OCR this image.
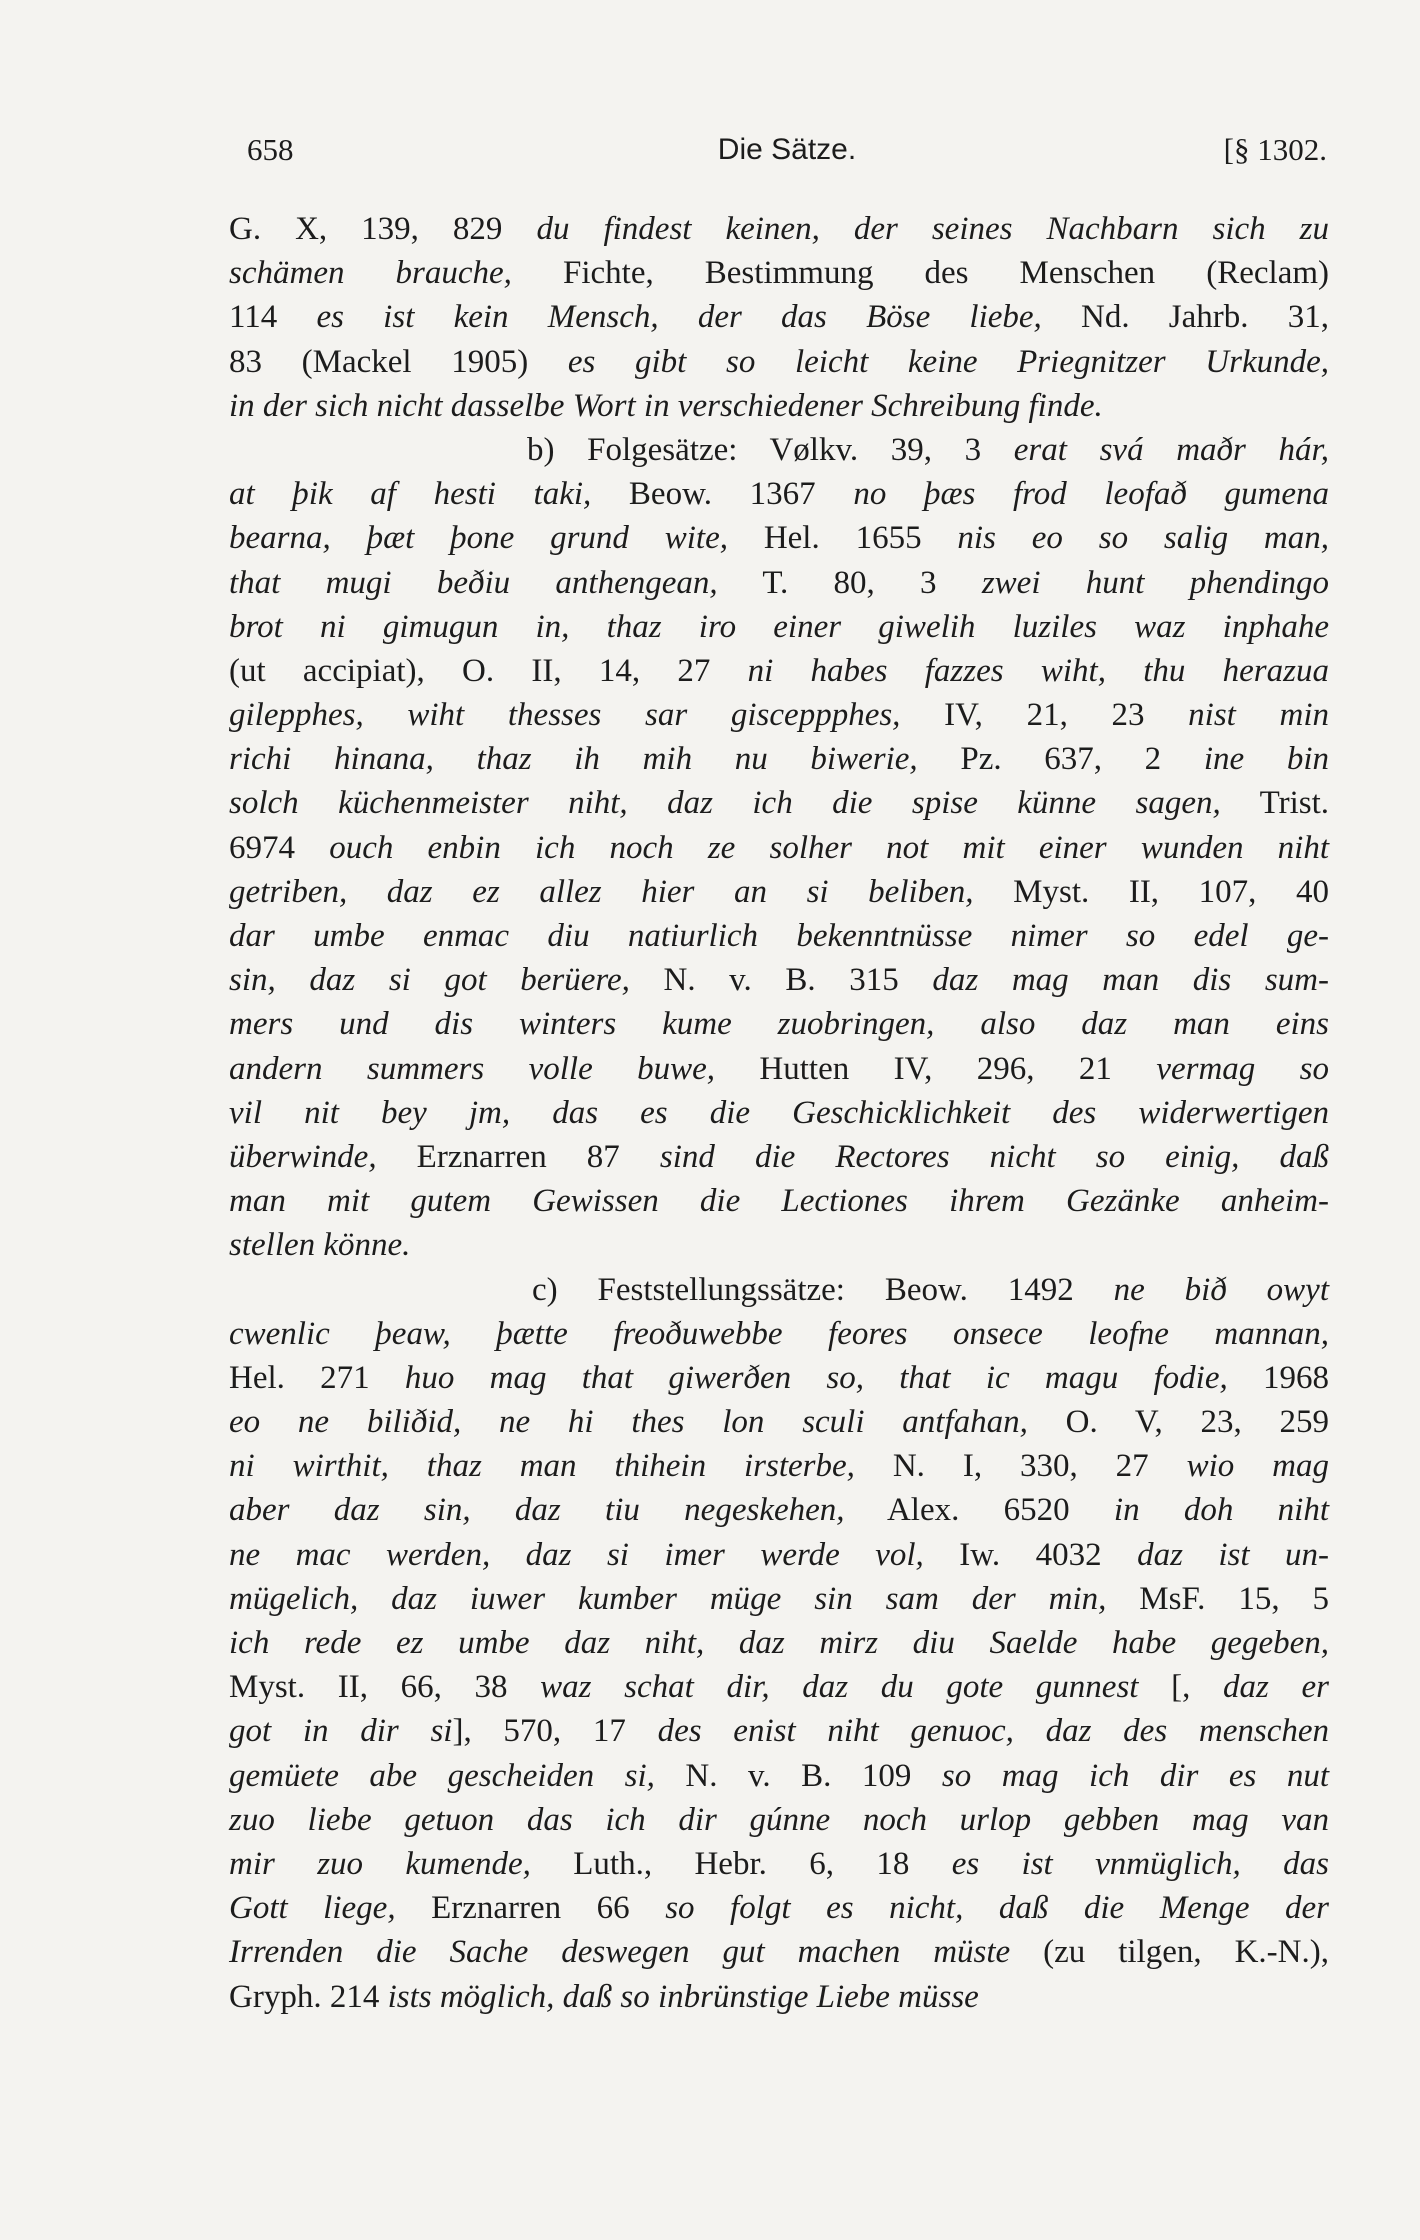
658	Die Sätze.	[§ 1302.
G. X, 139, 829 du findest keinen, der seines Nachbarn sich zu
schämen brauche, Fichte, Bestimmung des Menschen (Reclam)
114 es ist kein Mensch, der das Böse liebe, Nd. Jahrb. 31,
83 (Mackel 1905) es gibt so leicht keine Priegnitzer Urkunde,
in der sich nicht dasselbe Wort in verschiedener Schreibung finde.
b) Folgesätze: Vølkv. 39, 3 erat svá maðr hár,
at þik af hesti taki, Beow. 1367 no þæs frod leofað gumena
bearna, þæt þone grund wite, Hel. 1655 nis eo so salig man,
that mugi beðiu anthengean, T. 80, 3 zwei hunt phendingo
brot ni gimugun in, thaz iro einer giwelih luziles waz inphahe
(ut accipiat), O. II, 14, 27 ni habes fazzes wiht, thu herazua
gilepphes, wiht thesses sar gisceppphes, IV, 21, 23 nist min
richi hinana, thaz ih mih nu biwerie, Pz. 637, 2 ine bin
solch küchenmeister niht, daz ich die spise künne sagen, Trist.
6974 ouch enbin ich noch ze solher not mit einer wunden niht
getriben, daz ez allez hier an si beliben, Myst. II, 107, 40
dar umbe enmac diu natiurlich bekenntnüsse nimer so edel ge-
sin, daz si got berüere, N. v. B. 315 daz mag man dis sum-
mers und dis winters kume zuobringen, also daz man eins
andern summers volle buwe, Hutten IV, 296, 21 vermag so
vil nit bey jm, das es die Geschicklichkeit des widerwertigen
überwinde, Erznarren 87 sind die Rectores nicht so einig, daß
man mit gutem Gewissen die Lectiones ihrem Gezänke anheim-
stellen könne.
c) Feststellungssätze: Beow. 1492 ne bið owyt
cwenlic þeaw, þætte freoðuwebbe feores onsece leofne mannan,
Hel. 271 huo mag that giwerðen so, that ic magu fodie, 1968
eo ne biliðid, ne hi thes lon sculi antfahan, O. V, 23, 259
ni wirthit, thaz man thihein irsterbe, N. I, 330, 27 wio mag
aber daz sin, daz tiu negeskehen, Alex. 6520 in doh niht
ne mac werden, daz si imer werde vol, Iw. 4032 daz ist un-
mügelich, daz iuwer kumber müge sin sam der min, MsF. 15, 5
ich rede ez umbe daz niht, daz mirz diu Saelde habe gegeben,
Myst. II, 66, 38 waz schat dir, daz du gote gunnest [, daz er
got in dir si], 570, 17 des enist niht genuoc, daz des menschen
gemüete abe gescheiden si, N. v. B. 109 so mag ich dir es nut
zuo liebe getuon das ich dir gúnne noch urlop gebben mag van
mir zuo kumende, Luth., Hebr. 6, 18 es ist vnmüglich, das
Gott liege, Erznarren 66 so folgt es nicht, daß die Menge der
Irrenden die Sache deswegen gut machen müste (zu tilgen, K.-N.),
Gryph. 214 ists möglich, daß so inbrünstige Liebe müsse
